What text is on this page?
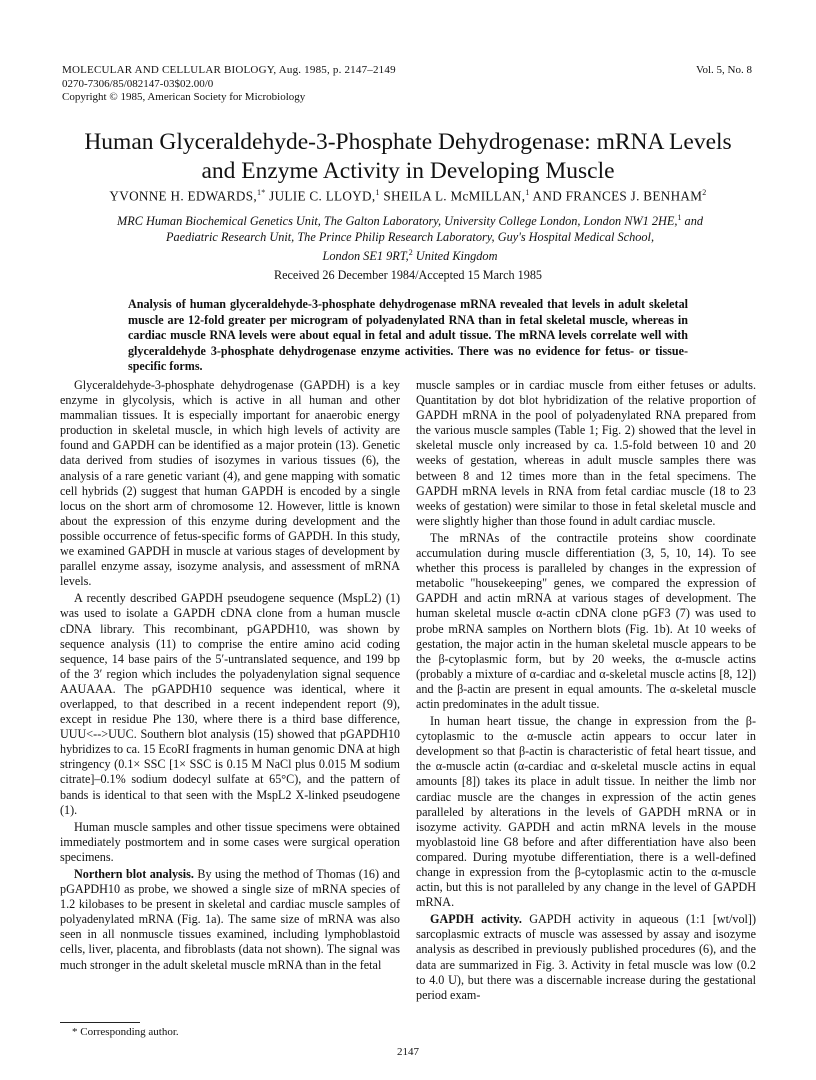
MOLECULAR AND CELLULAR BIOLOGY, Aug. 1985, p. 2147–2149
0270-7306/85/082147-03$02.00/0
Copyright © 1985, American Society for Microbiology
Vol. 5, No. 8
Human Glyceraldehyde-3-Phosphate Dehydrogenase: mRNA Levels
and Enzyme Activity in Developing Muscle
YVONNE H. EDWARDS,$^{1*}$ JULIE C. LLOYD,$^1$ SHEILA L. McMILLAN,$^1$ AND FRANCES J. BENHAM$^2$
MRC Human Biochemical Genetics Unit, The Galton Laboratory, University College London, London NW1 2HE,$^1$ and
Paediatric Research Unit, The Prince Philip Research Laboratory, Guy's Hospital Medical School,
London SE1 9RT,$^2$ United Kingdom
Received 26 December 1984/Accepted 15 March 1985
Analysis of human glyceraldehyde-3-phosphate dehydrogenase mRNA revealed that levels in adult skeletal muscle are 12-fold greater per microgram of polyadenylated RNA than in fetal skeletal muscle, whereas in cardiac muscle RNA levels were about equal in fetal and adult tissue. The mRNA levels correlate well with glyceraldehyde 3-phosphate dehydrogenase enzyme activities. There was no evidence for fetus- or tissue-specific forms.

Glyceraldehyde-3-phosphate dehydrogenase (GAPDH) is a key enzyme in glycolysis, which is active in all human and other mammalian tissues. It is especially important for anaerobic energy production in skeletal muscle, in which high levels of activity are found and GAPDH can be identified as a major protein (13). Genetic data derived from studies of isozymes in various tissues (6), the analysis of a rare genetic variant (4), and gene mapping with somatic cell hybrids (2) suggest that human GAPDH is encoded by a single locus on the short arm of chromosome 12. However, little is known about the expression of this enzyme during development and the possible occurrence of fetus-specific forms of GAPDH. In this study, we examined GAPDH in muscle at various stages of development by parallel enzyme assay, isozyme analysis, and assessment of mRNA levels.

A recently described GAPDH pseudogene sequence (MspL2) (1) was used to isolate a GAPDH cDNA clone from a human muscle cDNA library. This recombinant, pGAPDH10, was shown by sequence analysis (11) to comprise the entire amino acid coding sequence, 14 base pairs of the 5′-untranslated sequence, and 199 bp of the 3′ region which includes the polyadenylation signal sequence AAUAAA. The pGAPDH10 sequence was identical, where it overlapped, to that described in a recent independent report (9), except in residue Phe 130, where there is a third base difference, UUU<-->UUC. Southern blot analysis (15) showed that pGAPDH10 hybridizes to ca. 15 EcoRI fragments in human genomic DNA at high stringency (0.1× SSC [1× SSC is 0.15 M NaCl plus 0.015 M sodium citrate]–0.1% sodium dodecyl sulfate at 65°C), and the pattern of bands is identical to that seen with the MspL2 X-linked pseudogene (1).

Human muscle samples and other tissue specimens were obtained immediately postmortem and in some cases were surgical operation specimens.

Northern blot analysis. By using the method of Thomas (16) and pGAPDH10 as probe, we showed a single size of mRNA species of 1.2 kilobases to be present in skeletal and cardiac muscle samples of polyadenylated mRNA (Fig. 1a). The same size of mRNA was also seen in all nonmuscle tissues examined, including lymphoblastoid cells, liver, placenta, and fibroblasts (data not shown). The signal was much stronger in the adult skeletal muscle mRNA than in the fetal

muscle samples or in cardiac muscle from either fetuses or adults. Quantitation by dot blot hybridization of the relative proportion of GAPDH mRNA in the pool of polyadenylated RNA prepared from the various muscle samples (Table 1; Fig. 2) showed that the level in skeletal muscle only increased by ca. 1.5-fold between 10 and 20 weeks of gestation, whereas in adult muscle samples there was between 8 and 12 times more than in the fetal specimens. The GAPDH mRNA levels in RNA from fetal cardiac muscle (18 to 23 weeks of gestation) were similar to those in fetal skeletal muscle and were slightly higher than those found in adult cardiac muscle.

The mRNAs of the contractile proteins show coordinate accumulation during muscle differentiation (3, 5, 10, 14). To see whether this process is paralleled by changes in the expression of metabolic "housekeeping" genes, we compared the expression of GAPDH and actin mRNA at various stages of development. The human skeletal muscle α-actin cDNA clone pGF3 (7) was used to probe mRNA samples on Northern blots (Fig. 1b). At 10 weeks of gestation, the major actin in the human skeletal muscle appears to be the β-cytoplasmic form, but by 20 weeks, the α-muscle actins (probably a mixture of α-cardiac and α-skeletal muscle actins [8, 12]) and the β-actin are present in equal amounts. The α-skeletal muscle actin predominates in the adult tissue.

In human heart tissue, the change in expression from the β-cytoplasmic to the α-muscle actin appears to occur later in development so that β-actin is characteristic of fetal heart tissue, and the α-muscle actin (α-cardiac and α-skeletal muscle actins in equal amounts [8]) takes its place in adult tissue. In neither the limb nor cardiac muscle are the changes in expression of the actin genes paralleled by alterations in the levels of GAPDH mRNA or in isozyme activity. GAPDH and actin mRNA levels in the mouse myoblastoid line G8 before and after differentiation have also been compared. During myotube differentiation, there is a well-defined change in expression from the β-cytoplasmic actin to the α-muscle actin, but this is not paralleled by any change in the level of GAPDH mRNA.

GAPDH activity. GAPDH activity in aqueous (1:1 [wt/vol]) sarcoplasmic extracts of muscle was assessed by assay and isozyme analysis as described in previously published procedures (6), and the data are summarized in Fig. 3. Activity in fetal muscle was low (0.2 to 4.0 U), but there was a discernable increase during the gestational period exam-

* Corresponding author.
2147
